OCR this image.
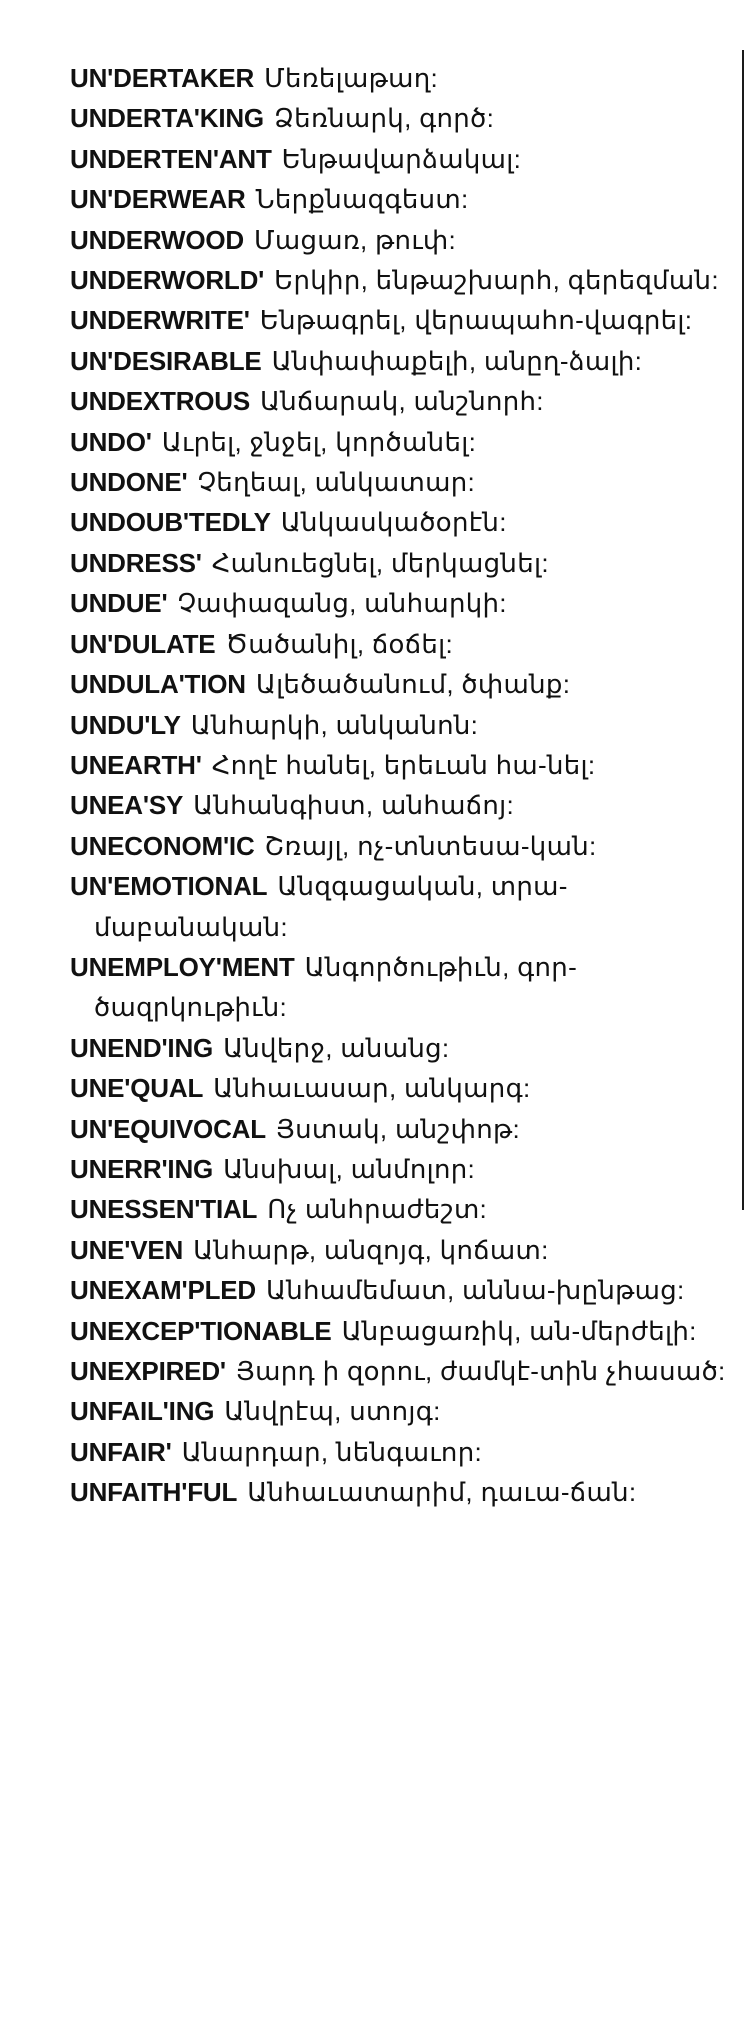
UN'DERTAKER Մեռելաթաղ:
UNDERTA'KING Ձեռնարկ, գործ:
UNDERTEN'ANT Ենթավարձակալ:
UN'DERWEAR Ներքնազգեստ:
UNDERWOOD Մացառ, թուփ:
UNDERWORLD' Երկիր, ենթաշխարհ, գերեզման:
UNDERWRITE' Ենթագրել, վերապահո-վագրել:
UN'DESIRABLE Անփափաքելի, անըղ-ձալի:
UNDEXTROUS Անճարակ, անշնորհ:
UNDO' Աւրել, ջնջել, կործանել:
UNDONE' Չեղեալ, անկատար:
UNDOUB'TEDLY Անկասկածօրէն:
UNDRESS' Հանուեցնել, մերկացնել:
UNDUE' Չափազանց, անհարկի:
UN'DULATE Ծածանիլ, ճօճել:
UNDULA'TION Ալեծածանում, ծփանք:
UNDU'LY Անհարկի, անկանոն:
UNEARTH' Հողէ հանել, երեւան հա-նել:
UNEA'SY Անհանգիստ, անհաճոյ:
UNECONOM'IC Շռայլ, ոչ-տնտեսա-կան:
UN'EMOTIONAL Անզգացական, տրա-մաբանական:
UNEMPLOY'MENT Անգործութիւն, գոր-ծազրկութիւն:
UNEND'ING Անվերջ, անանց:
UNE'QUAL Անհաւասար, անկարգ:
UN'EQUIVOCAL Յստակ, անշփոթ:
UNERR'ING Անսխալ, անմոլոր:
UNESSEN'TIAL Ոչ անհրաժեշտ:
UNE'VEN Անհարթ, անզոյգ, կոճատ:
UNEXAM'PLED Անհամեմատ, աննա-խընթաց:
UNEXCEP'TIONABLE Անբացառիկ, ան-մերժելի:
UNEXPIRED' Յարդ ի զօրու, ժամկէ-տին չհասած:
UNFAIL'ING Անվրէպ, ստոյգ:
UNFAIR' Անարդար, նենգաւոր:
UNFAITH'FUL Անհաւատարիմ, դաւա-ճան:
